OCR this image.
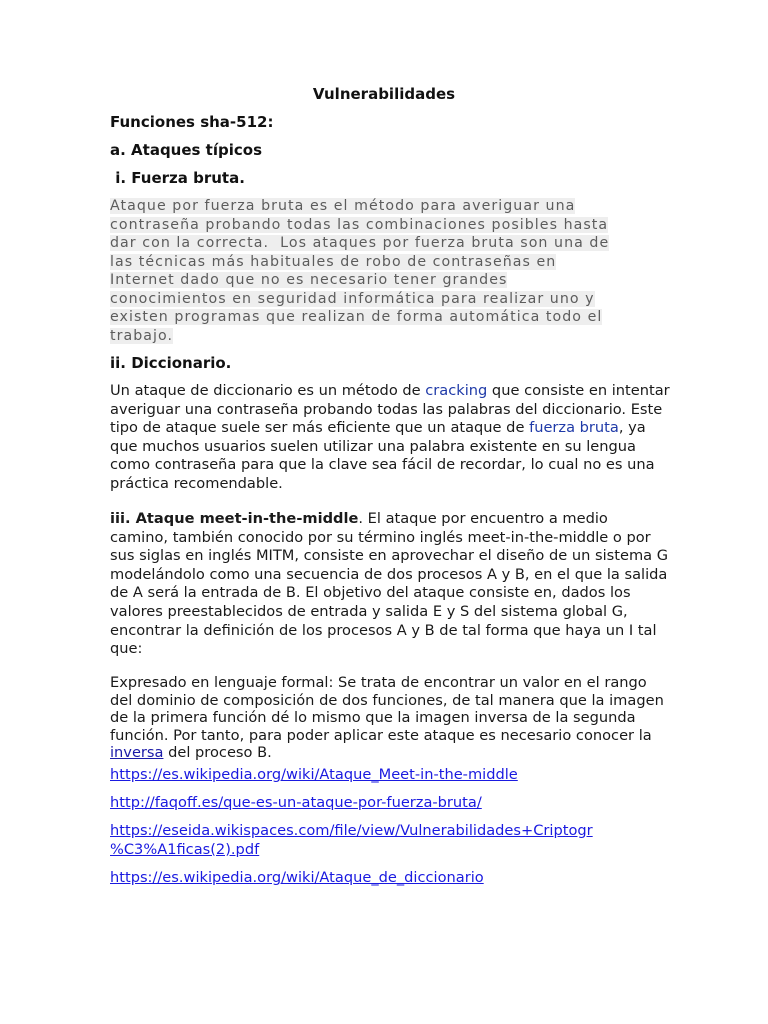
Vulnerabilidades
Funciones sha-512:
a. Ataques típicos
i. Fuerza bruta.
Ataque por fuerza bruta es el método para averiguar una
contraseña probando todas las combinaciones posibles hasta
dar con la correcta.  Los ataques por fuerza bruta son una de
las técnicas más habituales de robo de contraseñas en
Internet dado que no es necesario tener grandes
conocimientos en seguridad informática para realizar uno y
existen programas que realizan de forma automática todo el
trabajo.
ii. Diccionario.
Un ataque de diccionario es un método de cracking que consiste en intentar averiguar una contraseña probando todas las palabras del diccionario. Este tipo de ataque suele ser más eficiente que un ataque de fuerza bruta, ya que muchos usuarios suelen utilizar una palabra existente en su lengua como contraseña para que la clave sea fácil de recordar, lo cual no es una práctica recomendable.
iii. Ataque meet-in-the-middle. El ataque por encuentro a medio camino, también conocido por su término inglés meet-in-the-middle o por sus siglas en inglés MITM, consiste en aprovechar el diseño de un sistema G modelándolo como una secuencia de dos procesos A y B, en el que la salida de A será la entrada de B. El objetivo del ataque consiste en, dados los valores preestablecidos de entrada y salida E y S del sistema global G, encontrar la definición de los procesos A y B de tal forma que haya un I tal que:
Expresado en lenguaje formal: Se trata de encontrar un valor en el rango del dominio de composición de dos funciones, de tal manera que la imagen de la primera función dé lo mismo que la imagen inversa de la segunda función. Por tanto, para poder aplicar este ataque es necesario conocer la inversa del proceso B.
https://es.wikipedia.org/wiki/Ataque_Meet-in-the-middle
http://faqoff.es/que-es-un-ataque-por-fuerza-bruta/
https://eseida.wikispaces.com/file/view/Vulnerabilidades+Criptogr
%C3%A1ficas(2).pdf
https://es.wikipedia.org/wiki/Ataque_de_diccionario
